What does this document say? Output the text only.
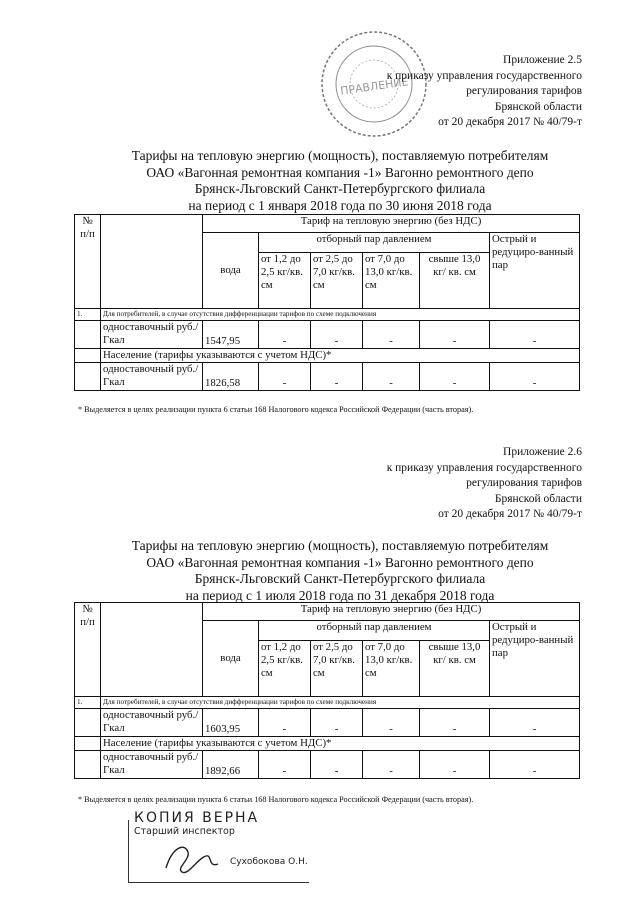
ПРАВЛЕНИЕ
Приложение 2.5
к приказу управления государственного
регулирования тарифов
Брянской области
от 20 декабря 2017 № 40/79-т
Тарифы на тепловую энергию (мощность), поставляемую потребителям
ОАО «Вагонная ремонтная компания -1» Вагонно ремонтного депо
Брянск-Льговский Санкт-Петербургского филиала
на период с 1 января 2018 года по 30 июня 2018 года
№
п/п		Тариф на тепловую энергию (без НДС)					
		вода	отборный пар давлением				Острый и редуциро-ванный пар
			от 1,2 до 2,5 кг/кв. см	от 2,5 до 7,0 кг/кв. см	от 7,0 до 13,0 кг/кв. см	свыше 13,0 кг/ кв. см	
1.	Для потребителей, в случае отсутствия дифференциации тарифов по схеме подключения						
	одноставочный руб./Гкал	1547,95	-	-	-	-	-
	Население (тарифы указываются с учетом НДС)*						
	одноставочный руб./Гкал	1826,58	-	-	-	-	-
* Выделяется в целях реализации пункта 6 статьи 168 Налогового кодекса Российской Федерации (часть вторая).
Приложение 2.6
к приказу управления государственного
регулирования тарифов
Брянской области
от 20 декабря 2017 № 40/79-т
Тарифы на тепловую энергию (мощность), поставляемую потребителям
ОАО «Вагонная ремонтная компания -1» Вагонно ремонтного депо
Брянск-Льговский Санкт-Петербургского филиала
на период с 1 июля 2018 года по 31 декабря 2018 года
№
п/п		Тариф на тепловую энергию (без НДС)					
		вода	отборный пар давлением				Острый и редуциро-ванный пар
			от 1,2 до 2,5 кг/кв. см	от 2,5 до 7,0 кг/кв. см	от 7,0 до 13,0 кг/кв. см	свыше 13,0 кг/ кв. см	
1.	Для потребителей, в случае отсутствия дифференциации тарифов по схеме подключения						
	одноставочный руб./Гкал	1603,95	-	-	-	-	-
	Население (тарифы указываются с учетом НДС)*						
	одноставочный руб./Гкал	1892,66	-	-	-	-	-
* Выделяется в целях реализации пункта 6 статьи 168 Налогового кодекса Российской Федерации (часть вторая).
КОПИЯ ВЕРНА
Старший инспектор
Сухобокова О.Н.
